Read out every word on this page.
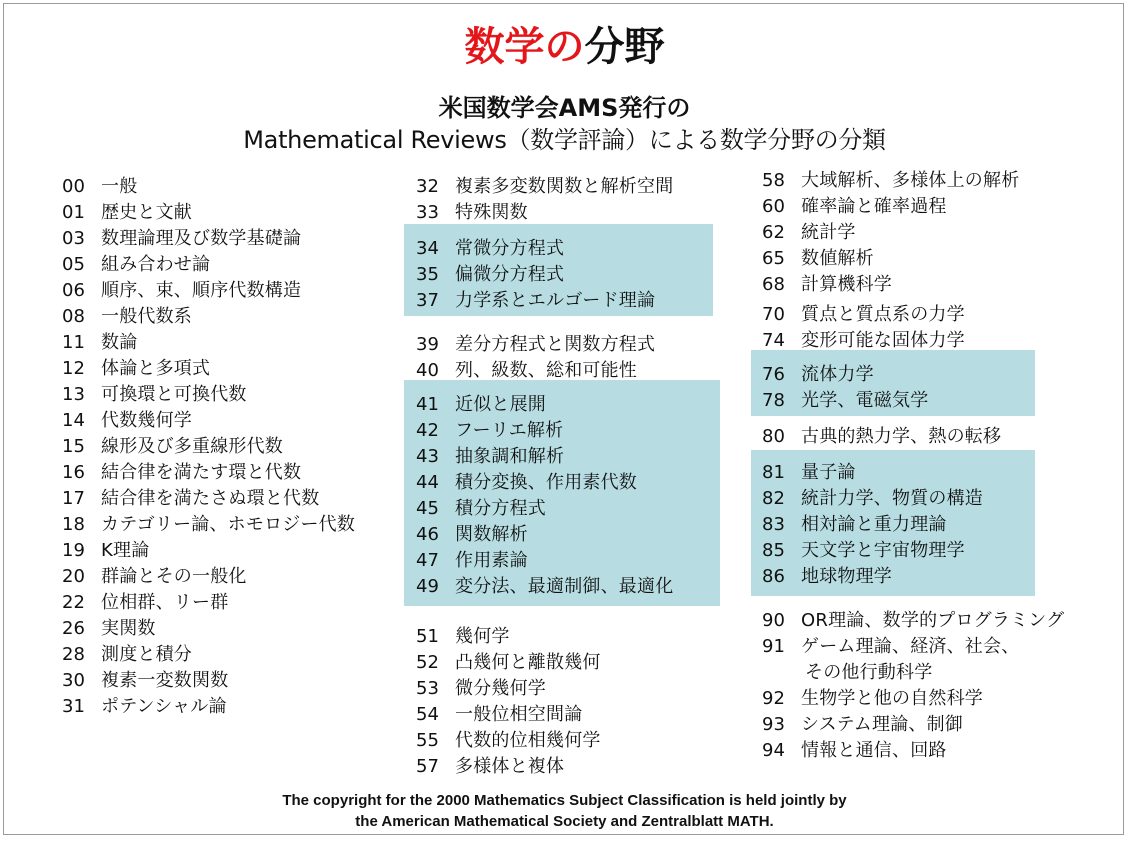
数学の分野
米国数学会AMS発行の
Mathematical Reviews（数学評論）による数学分野の分類
00 一般
01 歴史と文献
03 数理論理及び数学基礎論
05 組み合わせ論
06 順序、束、順序代数構造
08 一般代数系
11 数論
12 体論と多項式
13 可換環と可換代数
14 代数幾何学
15 線形及び多重線形代数
16 結合律を満たす環と代数
17 結合律を満たさぬ環と代数
18 カテゴリー論、ホモロジー代数
19 K理論
20 群論とその一般化
22 位相群、リー群
26 実関数
28 測度と積分
30 複素一変数関数
31 ポテンシャル論
32 複素多変数関数と解析空間
33 特殊関数
34 常微分方程式
35 偏微分方程式
37 力学系とエルゴード理論
39 差分方程式と関数方程式
40 列、級数、総和可能性
41 近似と展開
42 フーリエ解析
43 抽象調和解析
44 積分変換、作用素代数
45 積分方程式
46 関数解析
47 作用素論
49 変分法、最適制御、最適化
51 幾何学
52 凸幾何と離散幾何
53 微分幾何学
54 一般位相空間論
55 代数的位相幾何学
57 多様体と複体
58 大域解析、多様体上の解析
60 確率論と確率過程
62 統計学
65 数値解析
68 計算機科学
70 質点と質点系の力学
74 変形可能な固体力学
76 流体力学
78 光学、電磁気学
80 古典的熱力学、熱の転移
81 量子論
82 統計力学、物質の構造
83 相対論と重力理論
85 天文学と宇宙物理学
86 地球物理学
90 OR理論、数学的プログラミング
91 ゲーム理論、経済、社会、
その他行動科学
92 生物学と他の自然科学
93 システム理論、制御
94 情報と通信、回路
The copyright for the 2000 Mathematics Subject Classification is held jointly by
the American Mathematical Society and Zentralblatt MATH.
